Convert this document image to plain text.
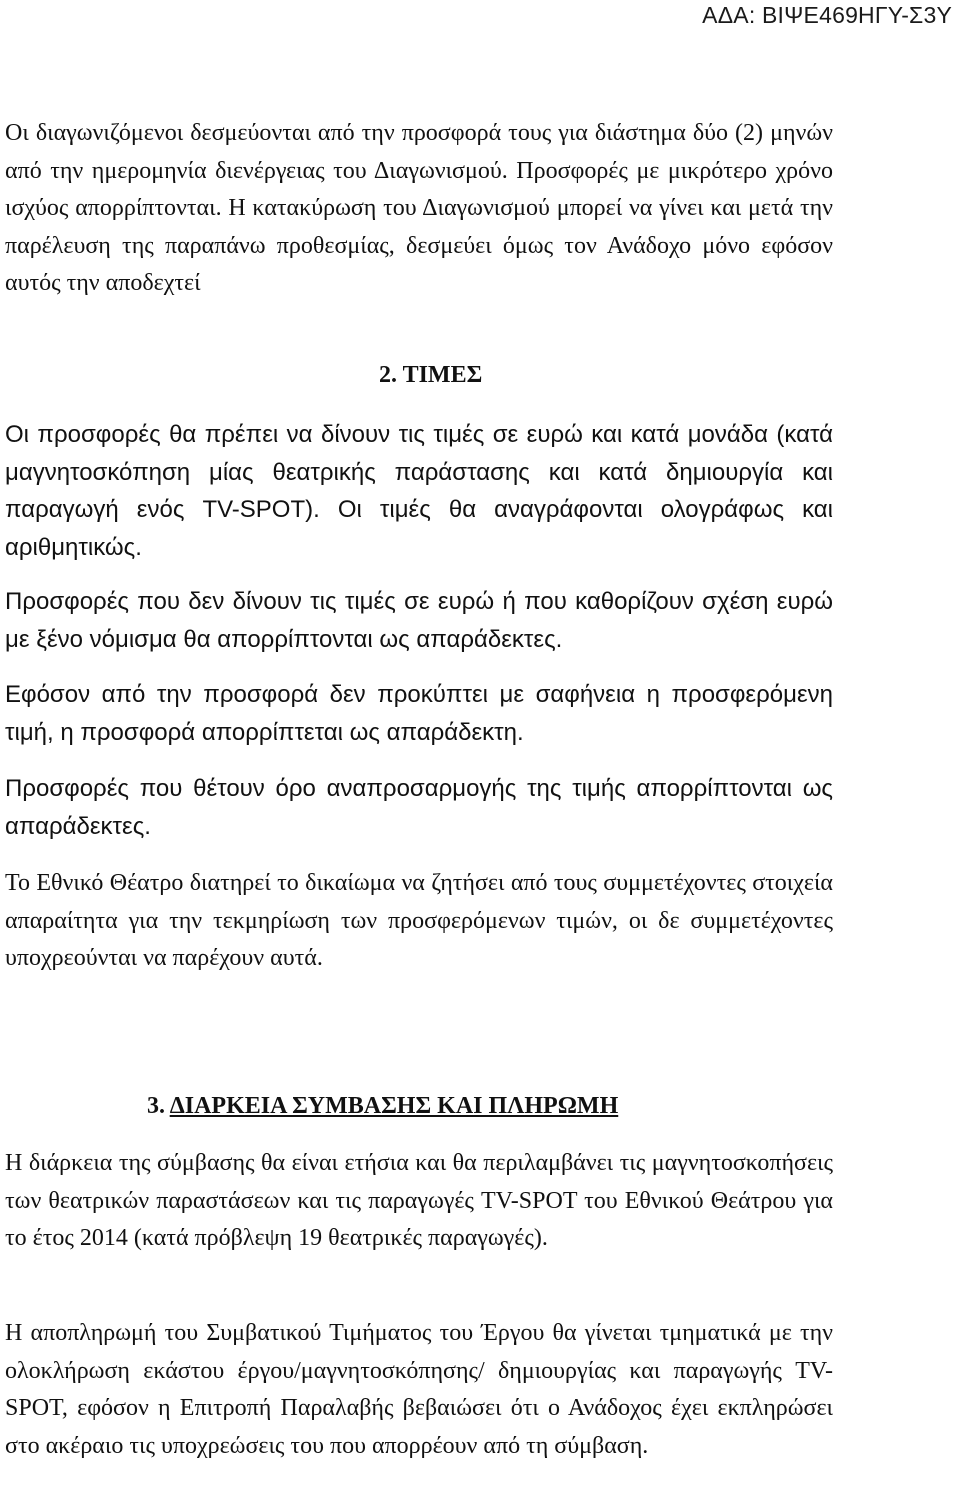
ΑΔΑ: ΒΙΨΕ469ΗΓΥ-Σ3Υ

Οι διαγωνιζόμενοι δεσμεύονται από την προσφορά τους για διάστημα δύο (2) μηνών από την ημερομηνία διενέργειας του Διαγωνισμού. Προσφορές με μικρότερο χρόνο ισχύος απορρίπτονται. Η κατακύρωση του Διαγωνισμού μπορεί να γίνει και μετά την παρέλευση της παραπάνω προθεσμίας, δεσμεύει όμως τον Ανάδοχο μόνο εφόσον αυτός την αποδεχτεί

2. ΤΙΜΕΣ

Οι προσφορές θα πρέπει να δίνουν τις τιμές σε ευρώ και κατά μονάδα (κατά μαγνητοσκόπηση μίας θεατρικής παράστασης και κατά δημιουργία και παραγωγή ενός TV-SPOT). Οι τιμές θα αναγράφονται ολογράφως και αριθμητικώς.

Προσφορές που δεν δίνουν τις τιμές σε ευρώ ή που καθορίζουν σχέση ευρώ με ξένο νόμισμα θα απορρίπτονται ως απαράδεκτες.

Εφόσον από την προσφορά δεν προκύπτει με σαφήνεια η προσφερόμενη τιμή, η προσφορά απορρίπτεται ως απαράδεκτη.

Προσφορές που θέτουν όρο αναπροσαρμογής της τιμής απορρίπτονται ως απαράδεκτες.

Το Εθνικό Θέατρο διατηρεί το δικαίωμα να ζητήσει από τους συμμετέχοντες στοιχεία απαραίτητα για την τεκμηρίωση των προσφερόμενων τιμών, οι δε συμμετέχοντες υποχρεούνται να παρέχουν αυτά.

3. ΔΙΑΡΚΕΙΑ ΣΥΜΒΑΣΗΣ ΚΑΙ ΠΛΗΡΩΜΗ

Η διάρκεια της σύμβασης θα είναι ετήσια και θα περιλαμβάνει τις μαγνητοσκοπήσεις των θεατρικών παραστάσεων και τις παραγωγές TV-SPOT του Εθνικού Θεάτρου για το έτος 2014 (κατά πρόβλεψη 19 θεατρικές παραγωγές).

Η αποπληρωμή του Συμβατικού Τιμήματος του Έργου θα γίνεται τμηματικά με την ολοκλήρωση εκάστου έργου/μαγνητοσκόπησης/ δημιουργίας και παραγωγής TV-SPOT, εφόσον η Επιτροπή Παραλαβής βεβαιώσει ότι ο Ανάδοχος έχει εκπληρώσει στο ακέραιο τις υποχρεώσεις του που απορρέουν από τη σύμβαση.
